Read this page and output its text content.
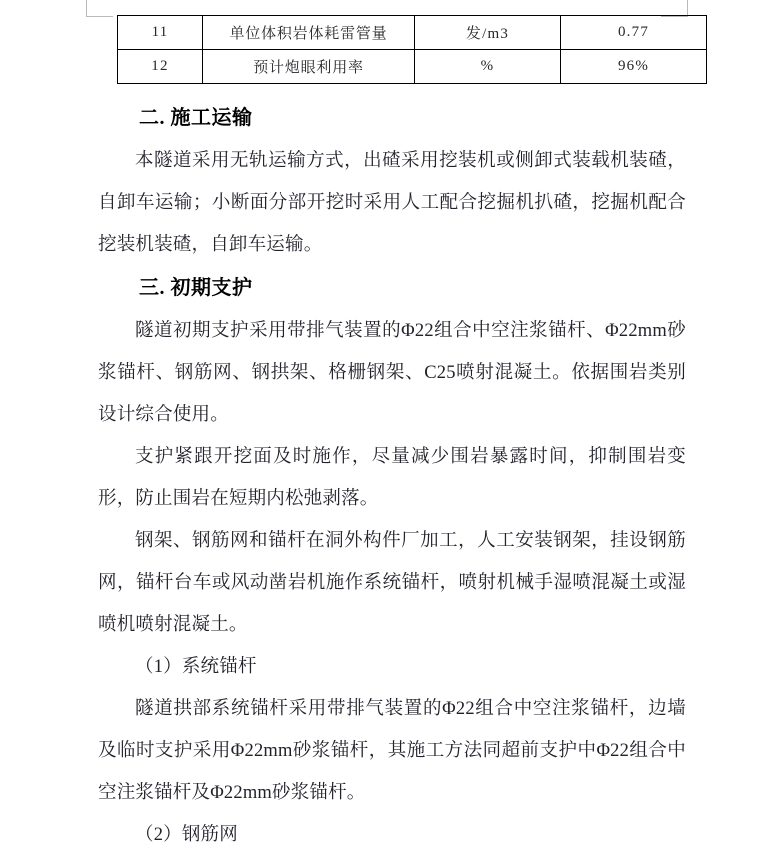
11	单位体积岩体耗雷管量	发/m3	0.77
12	预计炮眼利用率	%	96%
二. 施工运输

本隧道采用无轨运输方式，出碴采用挖装机或侧卸式装载机装碴，自卸车运输；小断面分部开挖时采用人工配合挖掘机扒碴，挖掘机配合挖装机装碴，自卸车运输。

三. 初期支护

隧道初期支护采用带排气装置的Φ22组合中空注浆锚杆、Φ22mm砂浆锚杆、钢筋网、钢拱架、格栅钢架、C25喷射混凝土。依据围岩类别设计综合使用。

支护紧跟开挖面及时施作，尽量减少围岩暴露时间，抑制围岩变形，防止围岩在短期内松弛剥落。

钢架、钢筋网和锚杆在洞外构件厂加工，人工安装钢架，挂设钢筋网，锚杆台车或风动凿岩机施作系统锚杆，喷射机械手湿喷混凝土或湿喷机喷射混凝土。

（1）系统锚杆

隧道拱部系统锚杆采用带排气装置的Φ22组合中空注浆锚杆，边墙及临时支护采用Φ22mm砂浆锚杆，其施工方法同超前支护中Φ22组合中空注浆锚杆及Φ22mm砂浆锚杆。

（2）钢筋网
